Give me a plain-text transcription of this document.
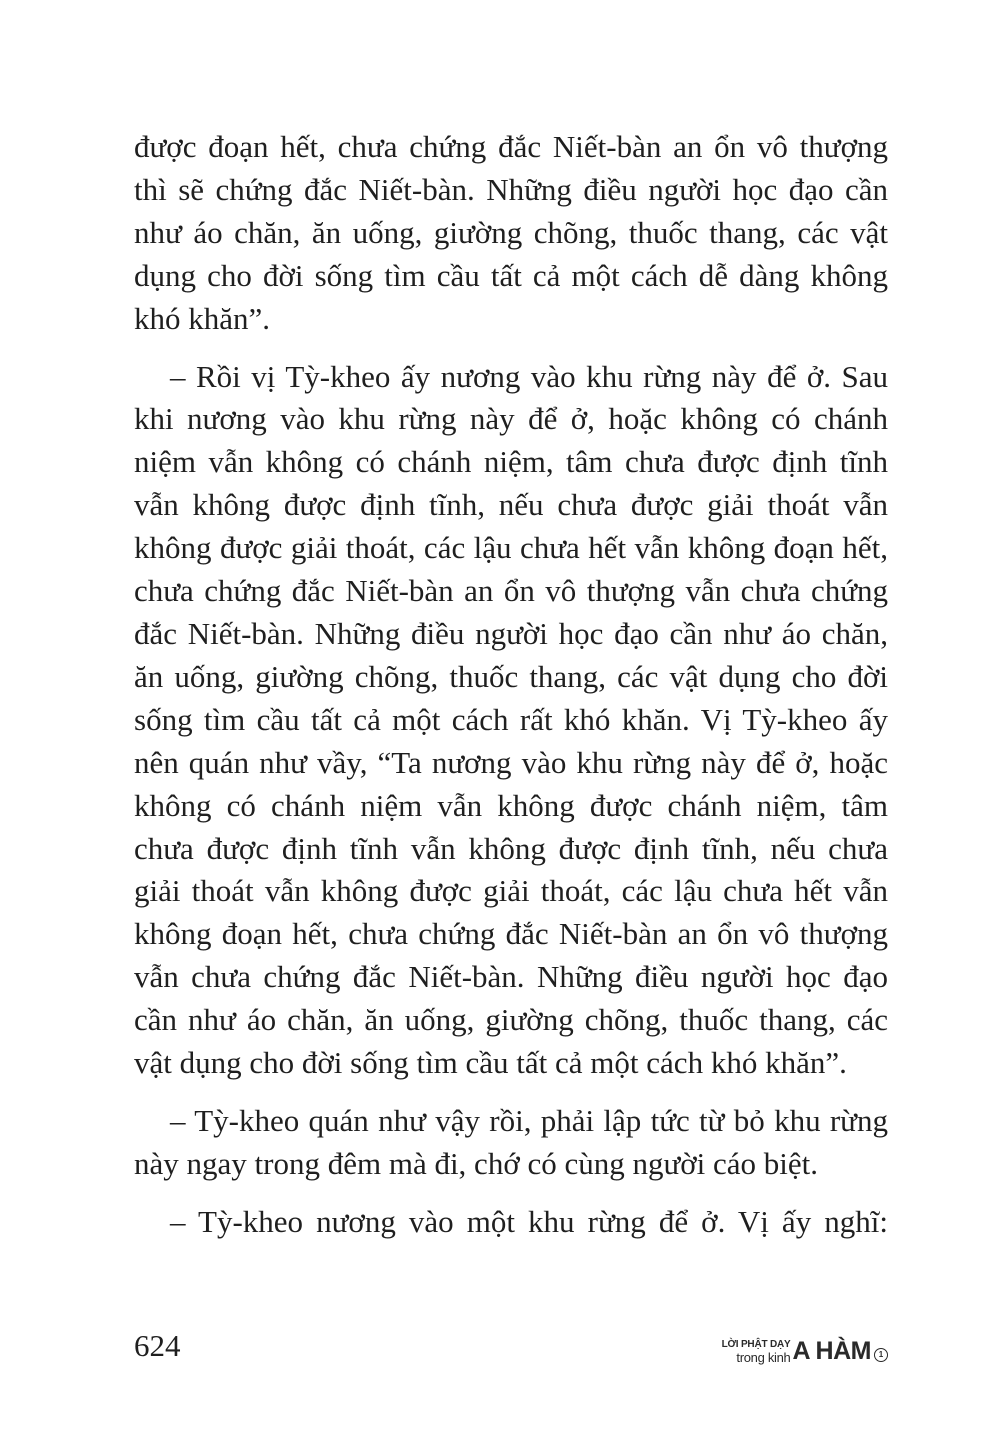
được đoạn hết, chưa chứng đắc Niết-bàn an ổn vô thượng thì sẽ chứng đắc Niết-bàn. Những điều người học đạo cần như áo chăn, ăn uống, giường chõng, thuốc thang, các vật dụng cho đời sống tìm cầu tất cả một cách dễ dàng không khó khăn”.

– Rồi vị Tỳ-kheo ấy nương vào khu rừng này để ở. Sau khi nương vào khu rừng này để ở, hoặc không có chánh niệm vẫn không có chánh niệm, tâm chưa được định tĩnh vẫn không được định tĩnh, nếu chưa được giải thoát vẫn không được giải thoát, các lậu chưa hết vẫn không đoạn hết, chưa chứng đắc Niết-bàn an ổn vô thượng vẫn chưa chứng đắc Niết-bàn. Những điều người học đạo cần như áo chăn, ăn uống, giường chõng, thuốc thang, các vật dụng cho đời sống tìm cầu tất cả một cách rất khó khăn. Vị Tỳ-kheo ấy nên quán như vầy, “Ta nương vào khu rừng này để ở, hoặc không có chánh niệm vẫn không được chánh niệm, tâm chưa được định tĩnh vẫn không được định tĩnh, nếu chưa giải thoát vẫn không được giải thoát, các lậu chưa hết vẫn không đoạn hết, chưa chứng đắc Niết-bàn an ổn vô thượng vẫn chưa chứng đắc Niết-bàn. Những điều người học đạo cần như áo chăn, ăn uống, giường chõng, thuốc thang, các vật dụng cho đời sống tìm cầu tất cả một cách khó khăn”.

– Tỳ-kheo quán như vậy rồi, phải lập tức từ bỏ khu rừng này ngay trong đêm mà đi, chớ có cùng người cáo biệt.

– Tỳ-kheo nương vào một khu rừng để ở. Vị ấy nghĩ:

624	LỜI PHẬT DẠY
trong kinh A HÀM 1
